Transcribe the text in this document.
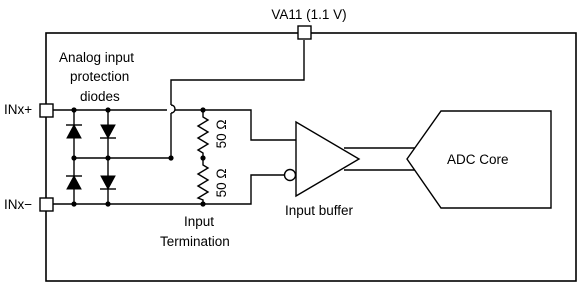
VA11 (1.1 V)
Analog input
protection
diodes
INx+
INx−
50 Ω
50 Ω
Input
Termination
Input buffer
ADC Core
